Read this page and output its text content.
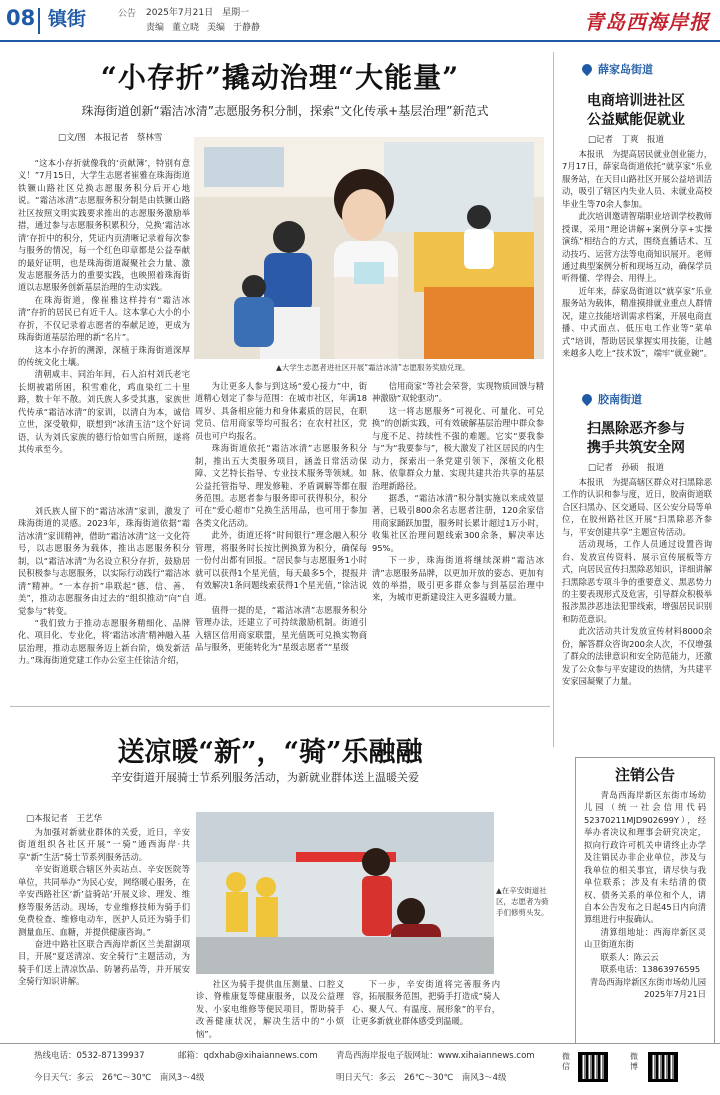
08 镇街	公告 2025年7月21日　星期一
责编 董立晓 美编 于静静	青岛西海岸报
“小存折”撬动治理“大能量”
珠海街道创新“霜洁冰清”志愿服务积分制，探索“文化传承+基层治理”新范式
□文/图　本报记者　蔡林雪
▲大学生志愿者进社区开展“霜洁冰清”志愿服务奖励兑现。

“这本小存折就像我的‘贡献簿’，特别有意义！”7月15日，大学生志愿者崔雅在珠海街道铁镢山路社区兑换志愿服务积分后开心地说。“霜洁冰清”志愿服务积分制是由铁镢山路社区按照文明实践要求推出的志愿服务激励举措，通过参与志愿服务积累积分，兑换‘霜洁冰清’存折中的积分，凭证内页清晰记录着每次参与服务的情况，每一个红色印章都是公益奉献的最好证明，也是珠海街道凝聚社会力量、激发志愿服务活力的重要实践，也映照着珠海街道以志愿服务创新基层治理的生动实践。

在珠海街道，像崔雅这样持有“霜洁冰清”存折的居民已有近千人。这本掌心大小的小存折，不仅记录着志愿者的奉献足迹，更成为珠海街道基层治理的新“名片”。

这本小存折的溯源，深植于珠海街道深厚的传统文化土壤。

清朝咸丰、同治年间，石人泊村刘氏老宅长期被霜所困，积雪难化，鸡血染红二十里路，数十年不散。刘氏族人多受其惠，家族世代传承“霜洁冰清”的家训，以清白为本，诚信立世，深受敬仰，联想到“冰清玉洁”这个好词语，认为刘氏家族的德行恰如雪白所照，遂将其传承至今。

为让更多人参与到这场“爱心接力”中，街道精心划定了参与范围：在城市社区，年满18周岁、具备相应能力和身体素质的居民，在职党员、信用商家等均可报名；在农村社区，党员也可户均报名。

珠海街道依托“霜洁冰清”志愿服务积分制，推出五大类服务项目，涵盖日常活动保障、文艺特长指导、专业技术服务等领域。如公益托管指导、理发修鞋、矛盾调解等都在服务范围。志愿者参与服务即可获得积分，积分可在“爱心超市”兑换生活用品，也可用于参加各类文化活动。

此外，街道还将“时间银行”理念融入积分管理，将服务时长按比例换算为积分，确保每一份付出都有回报。“居民参与志愿服务1小时就可以获得1个星光值，每天最多5个，提报并有效解决1条问题线索获得1个星光值，”徐洁说道。

值得一提的是，“霜洁冰清”志愿服务积分管理办法，还建立了可持续激励机制。街道引入辖区信用商家联盟，星光值既可兑换实物商品与服务，更能转化为“星级志愿者”“星级

信用商家”等社会荣誉，实现物质回馈与精神激励“双轮驱动”。

这一将志愿服务“可视化、可量化、可兑换”的创新实践，可有效破解基层治理中群众参与度不足、持续性不强的难题。它实“要我参与”为“我要参与”，极大激发了社区居民的内生动力，探索出一条党建引领下，深植文化根脉、依靠群众力量、实现共建共治共享的基层治理新路径。

据悉，“霜洁冰清”积分制实施以来成效显著，已吸引800余名志愿者注册，120余家信用商家踊跃加盟，服务时长累计超过1万小时，收集社区治理问题线索300余条，解决率达95%。

下一步，珠海街道将继续深耕“霜洁冰清”志愿服务品牌，以更加开放的姿态、更加有效的举措，吸引更多群众参与到基层治理中来，为城市更新建设注入更多温暖力量。

薛家岛街道
电商培训进社区
公益赋能促就业
□记者　丁爽　报道

本报讯　为提高居民就业创业能力，7月17日，薛家岛街道依托“就享家”乐业服务站，在天目山路社区开展公益培训活动，吸引了辖区内失业人员、未就业高校毕业生等70余人参加。

此次培训邀请智瑞职业培训学校教师授课，采用“理论讲解+案例分享+实操演练”相结合的方式，围绕直播话术、互动技巧、运营方法等电商知识展开。老师通过典型案例分析和现场互动，确保学员听得懂、学得会、用得上。

近年来，薛家岛街道以“就享家”乐业服务站为载体，精准摸排就业重点人群情况，建立技能培训需求档案，开展电商直播、中式面点、低压电工作业等“菜单式”培训，帮助居民掌握实用技能，让越来越多人吃上“技术饭”，端牢“就业碗”。

胶南街道
扫黑除恶齐参与
携手共筑安全网
□记者　孙硕　报道

本报讯　为提高辖区群众对扫黑除恶工作的认识和参与度，近日，胶南街道联合区扫黑办、区交通局、区公安分局等单位，在胶州路社区开展“扫黑除恶齐参与，平安创建共享”主题宣传活动。

活动现场，工作人员通过设置咨询台、发放宣传资料、展示宣传展板等方式，向居民宣传扫黑除恶知识，详细讲解扫黑除恶专项斗争的重要意义、黑恶势力的主要表现形式及危害，引导群众积极举报涉黑涉恶违法犯罪线索，增强居民识别和防范意识。

此次活动共计发放宣传材料8000余份，解答群众咨询200余人次，不仅增强了群众的法律意识和安全防范能力，还激发了公众参与平安建设的热情，为共建平安家园凝聚了力量。

送凉暖“新”，“骑”乐融融
辛安街道开展骑士节系列服务活动，为新就业群体送上温暖关爱
□本报记者　王艺华
▲在辛安街道社区，志愿者为骑手们修剪头发。

为加强对新就业群体的关爱，近日，辛安街道组织各社区开展“一骑”通西海岸·共享“新”生活”骑士节系列服务活动。

辛安街道联合辖区外卖站点、辛安医院等单位，共同举办“为民心安，网络暖心服务，在辛安西路社区‘新’益骑站’开展义诊、理发、维修等服务活动。现场，专业维修技师为骑手们免费检查、维修电动车，医护人员还为骑手们测量血压、血糖，并提供健康咨询。”

奋进中路社区联合西海岸新区兰美甜湖项目，开展“夏送清凉、安全骑行”主题活动，为骑手们送上清凉饮品、防暑药品等，并开展安全骑行知识讲解。	社区为骑手提供血压测量、口腔义诊、脊椎康复等健康服务，以及公益理发、小家电维修等便民项目，帮助骑手改善健康状况，解决生活中的“小烦恼”。

下一步，辛安街道将完善服务内容，拓展服务范围，把骑手打造成“骑人心、聚人气、有温度、展形象”的平台，让更多新就业群体感受到温暖。

注销公告

青岛西海岸新区东街市场幼儿园（统一社会信用代码52370211MJD902699Y），经举办者决议和理事会研究决定，拟向行政许可机关申请终止办学及注销民办非企业单位，涉及与我单位的相关事宜，请尽快与我单位联系；涉及有未结清的债权、债务关系的单位和个人，请自本公告发布之日起45日内向清算组进行申报确认。

清算组地址：西海岸新区灵山卫街道东街

联系人：陈云云

联系电话：13863976595

青岛西海岸新区东街市场幼儿园

2025年7月21日

热线电话：0532-87139937	邮箱：qdxhab@xihaiannews.com 青岛西海岸报电子版网址：www.xihaiannews.com
今日天气：多云　26℃～30℃　南风3～4级	明日天气：多云　26℃～30℃　南风3～4级
微信
微博

刘氏族人留下的“霜洁冰清”家训，激发了珠海街道的灵感。2023年，珠海街道依据“霜洁冰清”家训精神，借助“霜洁冰清”这一文化符号，以志愿服务为载体，推出志愿服务积分制，以“霜洁冰清”为名设立积分存折，鼓励居民积极参与志愿服务，以实际行动践行“霜洁冰清”精神。“一本存折”串联起“德、信、善、美”，推动志愿服务由过去的“组织推动”向“自觉参与”转变。

“我们致力于推动志愿服务精细化、品牌化、项目化、专业化，将‘霜洁冰清’精神融入基层治理，推动志愿服务迈上新台阶，焕发新活力。”珠海街道党建工作办公室主任徐洁介绍，
